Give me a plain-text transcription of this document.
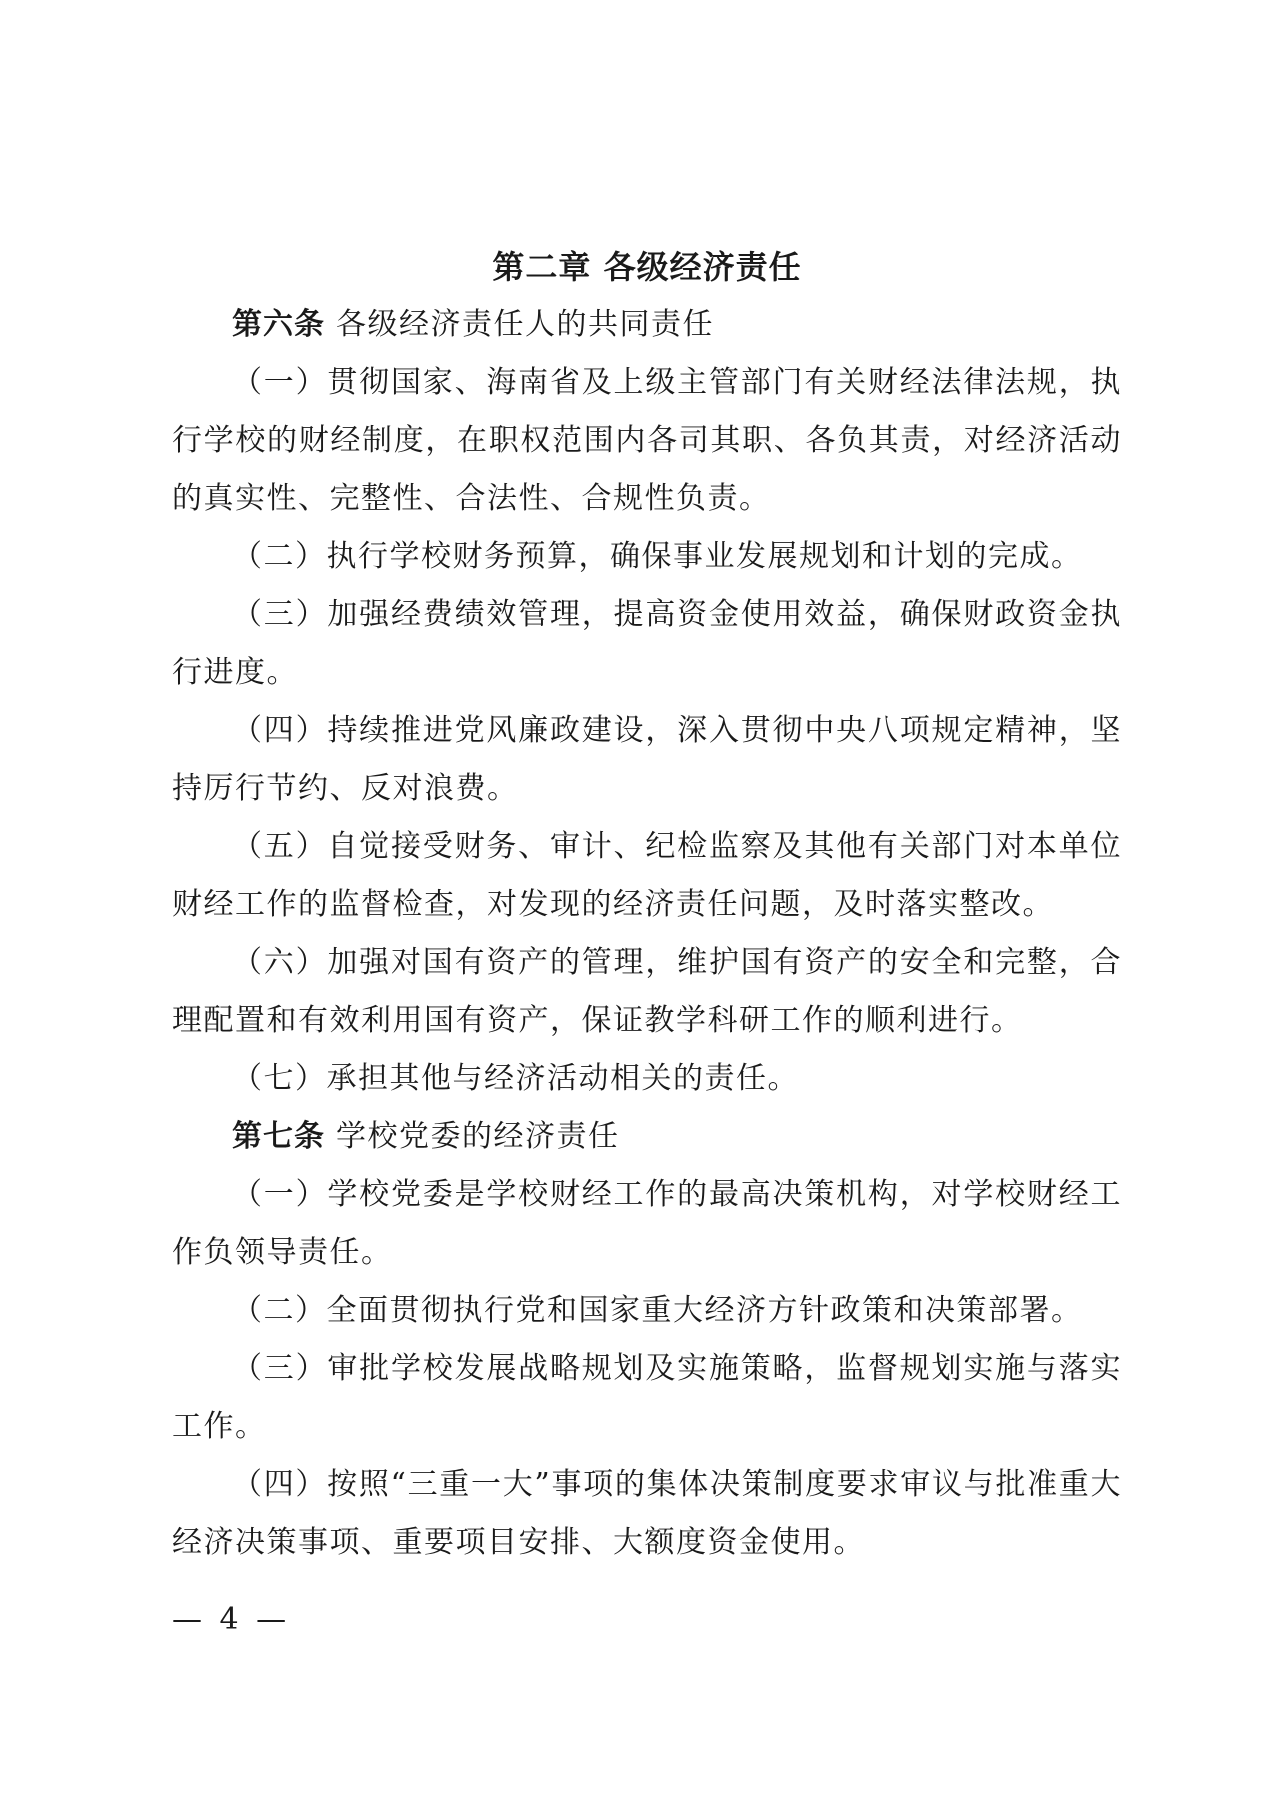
第二章 各级经济责任

第六条 各级经济责任人的共同责任

（一）贯彻国家、海南省及上级主管部门有关财经法律法规，执行学校的财经制度，在职权范围内各司其职、各负其责，对经济活动的真实性、完整性、合法性、合规性负责。

（二）执行学校财务预算，确保事业发展规划和计划的完成。

（三）加强经费绩效管理，提高资金使用效益，确保财政资金执行进度。

（四）持续推进党风廉政建设，深入贯彻中央八项规定精神，坚持厉行节约、反对浪费。

（五）自觉接受财务、审计、纪检监察及其他有关部门对本单位财经工作的监督检查，对发现的经济责任问题，及时落实整改。

（六）加强对国有资产的管理，维护国有资产的安全和完整，合理配置和有效利用国有资产，保证教学科研工作的顺利进行。

（七）承担其他与经济活动相关的责任。

第七条 学校党委的经济责任

（一）学校党委是学校财经工作的最高决策机构，对学校财经工作负领导责任。

（二）全面贯彻执行党和国家重大经济方针政策和决策部署。

（三）审批学校发展战略规划及实施策略，监督规划实施与落实工作。

（四）按照“三重一大”事项的集体决策制度要求审议与批准重大经济决策事项、重要项目安排、大额度资金使用。

— 4 —
